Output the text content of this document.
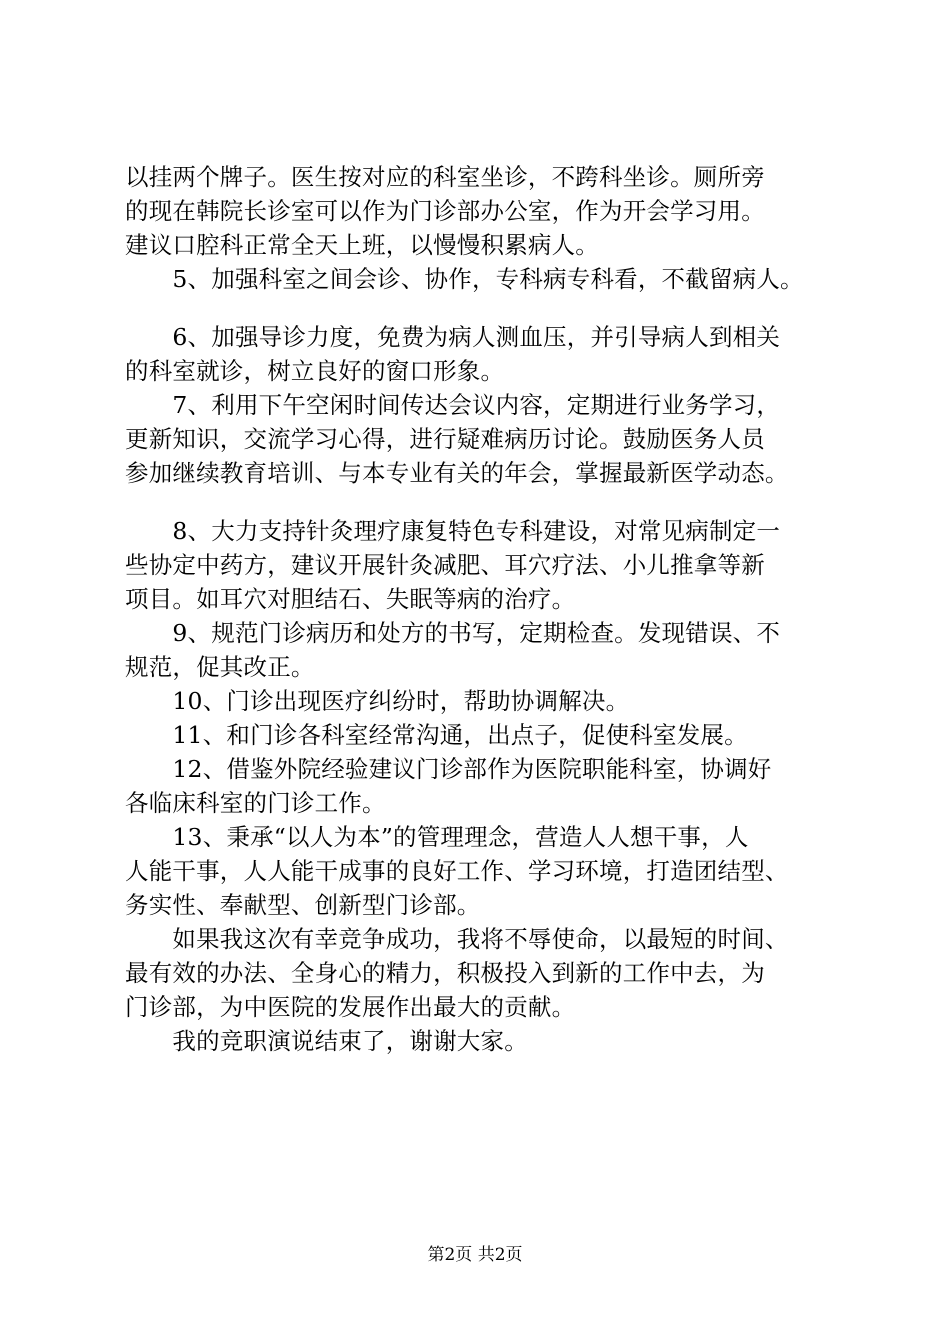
以挂两个牌子。医生按对应的科室坐诊，不跨科坐诊。厕所旁
的现在韩院长诊室可以作为门诊部办公室，作为开会学习用。
建议口腔科正常全天上班，以慢慢积累病人。
　　5、加强科室之间会诊、协作，专科病专科看，不截留病人。
　　6、加强导诊力度，免费为病人测血压，并引导病人到相关
的科室就诊，树立良好的窗口形象。
　　7、利用下午空闲时间传达会议内容，定期进行业务学习，
更新知识，交流学习心得，进行疑难病历讨论。鼓励医务人员
参加继续教育培训、与本专业有关的年会，掌握最新医学动态。
　　8、大力支持针灸理疗康复特色专科建设，对常见病制定一
些协定中药方，建议开展针灸减肥、耳穴疗法、小儿推拿等新
项目。如耳穴对胆结石、失眠等病的治疗。
　　9、规范门诊病历和处方的书写，定期检查。发现错误、不
规范，促其改正。
　　10、门诊出现医疗纠纷时，帮助协调解决。
　　11、和门诊各科室经常沟通，出点子，促使科室发展。
　　12、借鉴外院经验建议门诊部作为医院职能科室，协调好
各临床科室的门诊工作。
　　13、秉承“以人为本”的管理理念，营造人人想干事，人
人能干事，人人能干成事的良好工作、学习环境，打造团结型、
务实性、奉献型、创新型门诊部。
　　如果我这次有幸竞争成功，我将不辱使命，以最短的时间、
最有效的办法、全身心的精力，积极投入到新的工作中去，为
门诊部，为中医院的发展作出最大的贡献。
　　我的竞职演说结束了，谢谢大家。
第2页 共2页
